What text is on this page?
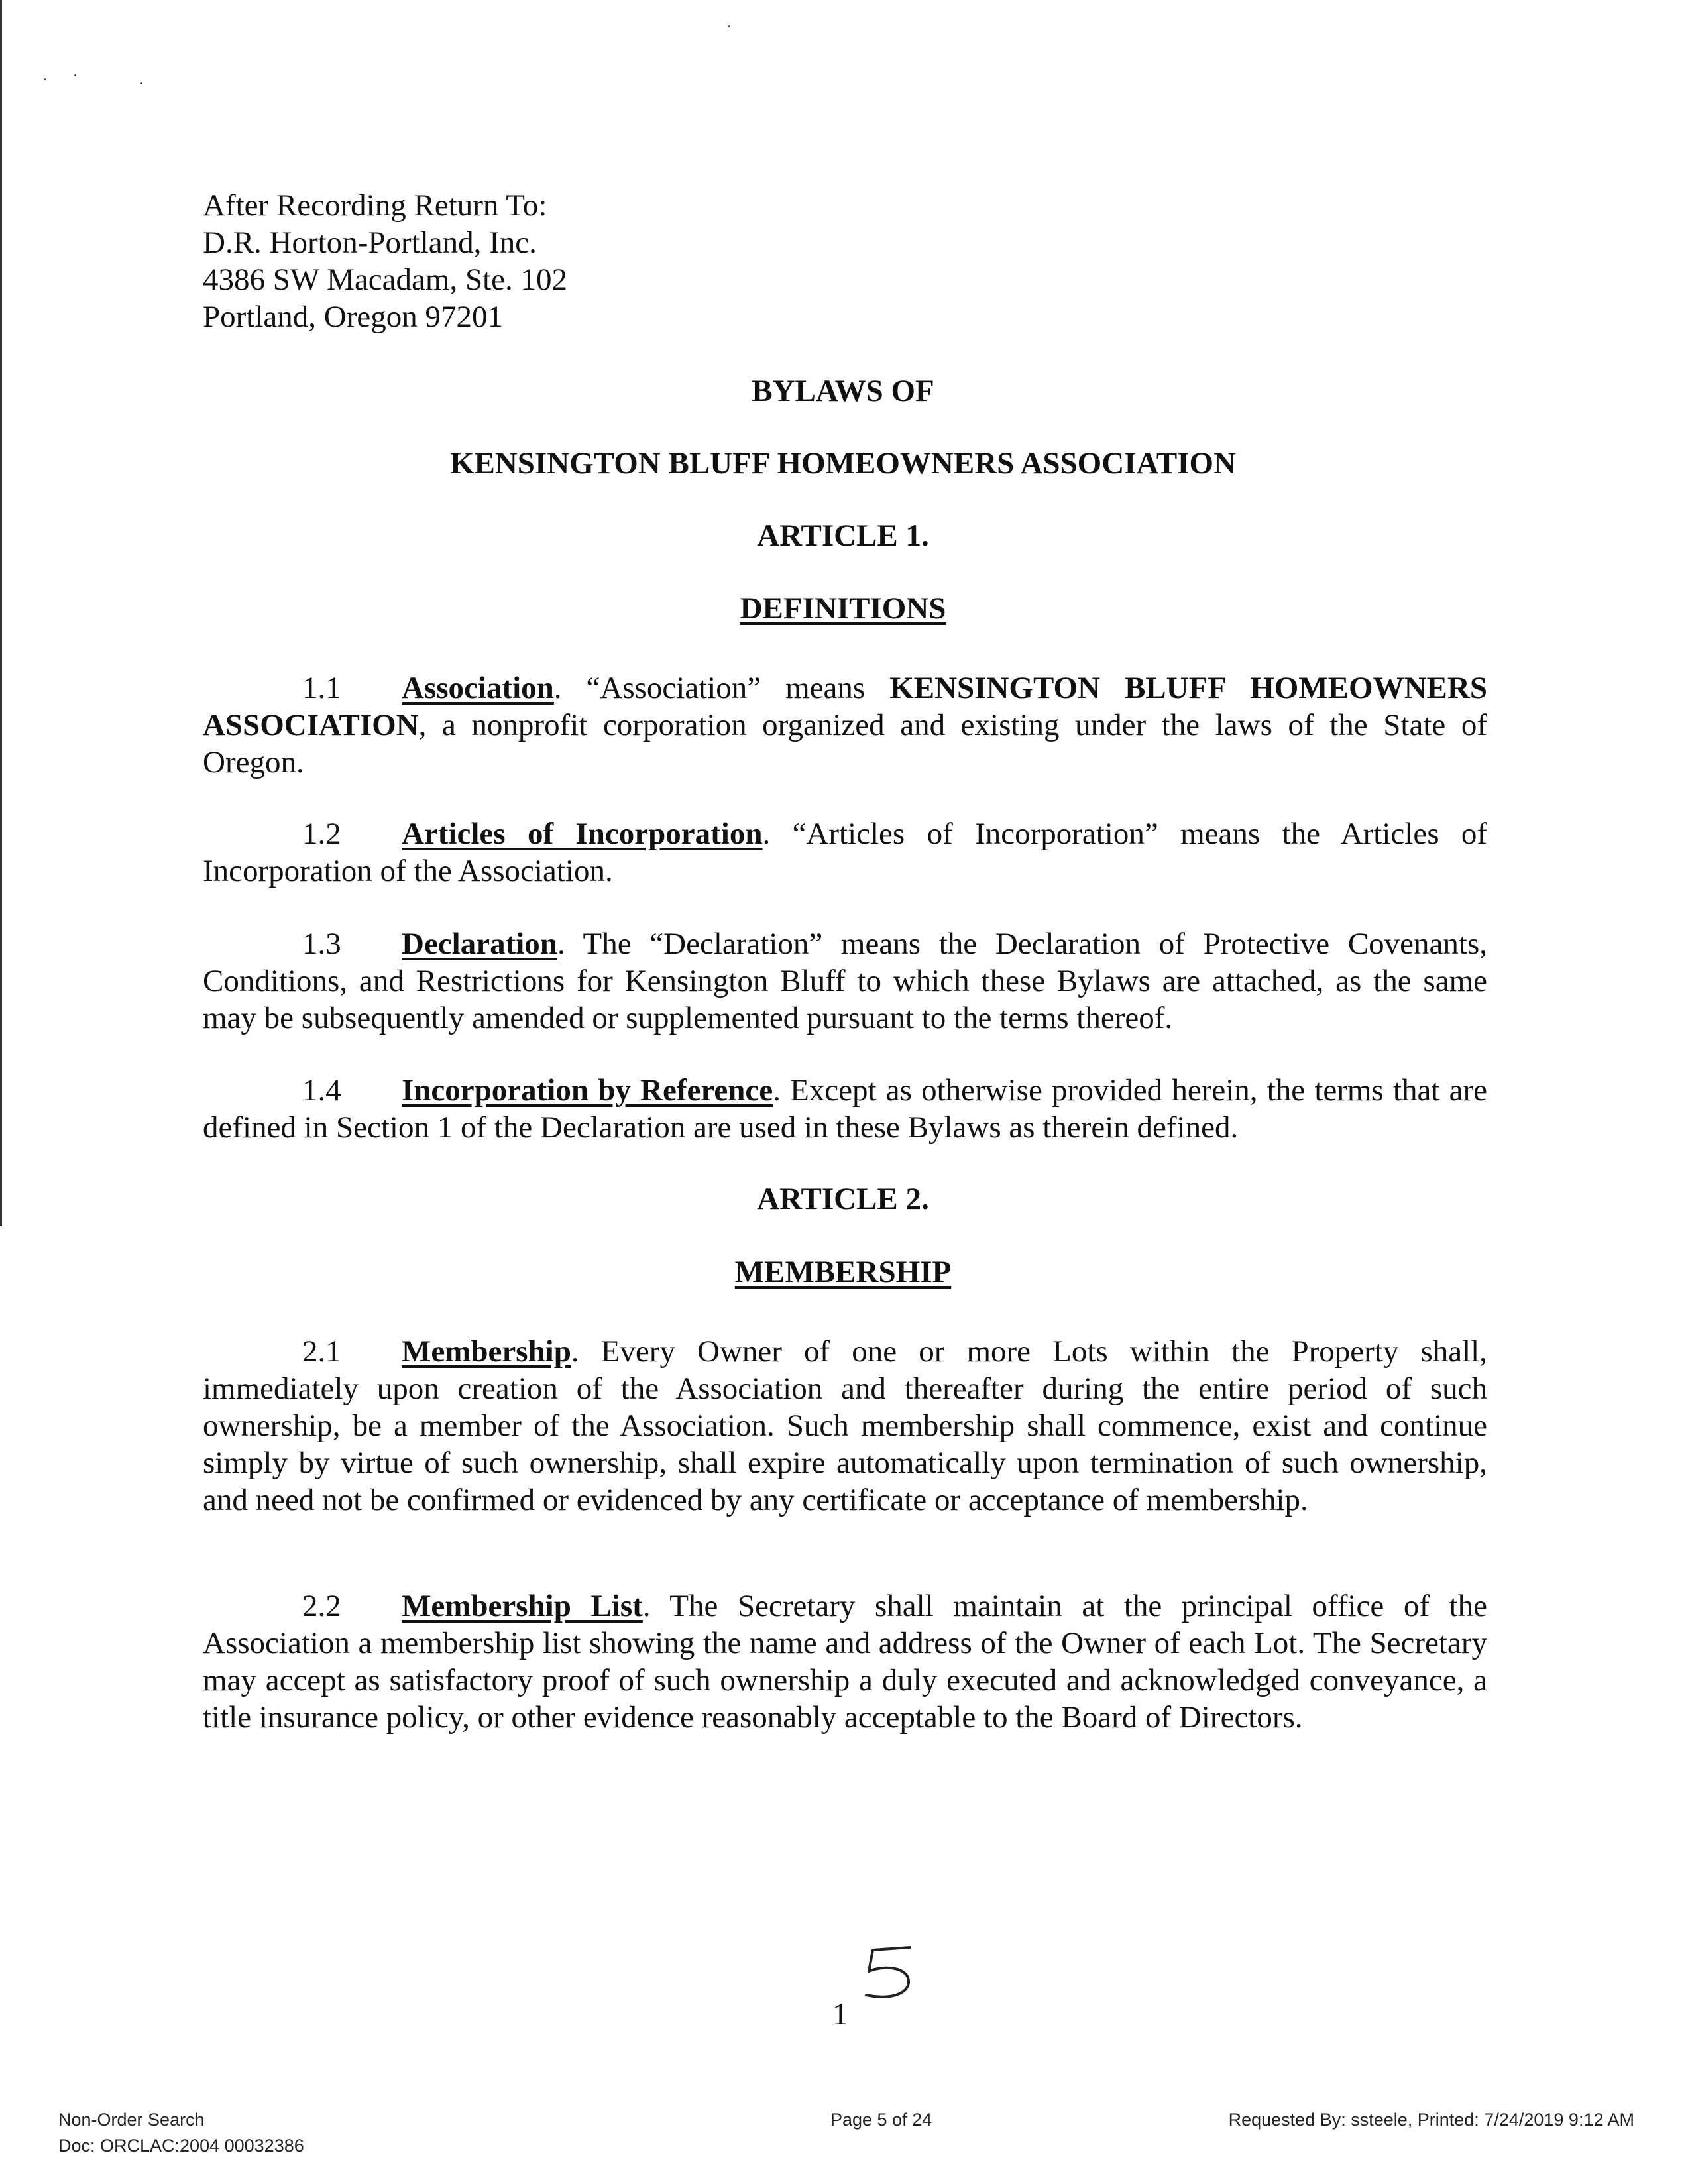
After Recording Return To:
D.R. Horton-Portland, Inc.
4386 SW Macadam, Ste. 102
Portland, Oregon 97201
BYLAWS OF
KENSINGTON BLUFF HOMEOWNERS ASSOCIATION
ARTICLE 1.
DEFINITIONS
1.1 Association. “Association” means KENSINGTON BLUFF HOMEOWNERS ASSOCIATION, a nonprofit corporation organized and existing under the laws of the State of Oregon.
1.2 Articles of Incorporation. “Articles of Incorporation” means the Articles of Incorporation of the Association.
1.3 Declaration. The “Declaration” means the Declaration of Protective Covenants, Conditions, and Restrictions for Kensington Bluff to which these Bylaws are attached, as the same may be subsequently amended or supplemented pursuant to the terms thereof.
1.4 Incorporation by Reference. Except as otherwise provided herein, the terms that are defined in Section 1 of the Declaration are used in these Bylaws as therein defined.
ARTICLE 2.
MEMBERSHIP
2.1 Membership. Every Owner of one or more Lots within the Property shall, immediately upon creation of the Association and thereafter during the entire period of such ownership, be a member of the Association. Such membership shall commence, exist and continue simply by virtue of such ownership, shall expire automatically upon termination of such ownership, and need not be confirmed or evidenced by any certificate or acceptance of membership.
2.2 Membership List. The Secretary shall maintain at the principal office of the Association a membership list showing the name and address of the Owner of each Lot. The Secretary may accept as satisfactory proof of such ownership a duly executed and acknowledged conveyance, a title insurance policy, or other evidence reasonably acceptable to the Board of Directors.
1
Non-Order Search
Doc: ORCLAC:2004 00032386
Page 5 of 24	Requested By: ssteele, Printed: 7/24/2019 9:12 AM
